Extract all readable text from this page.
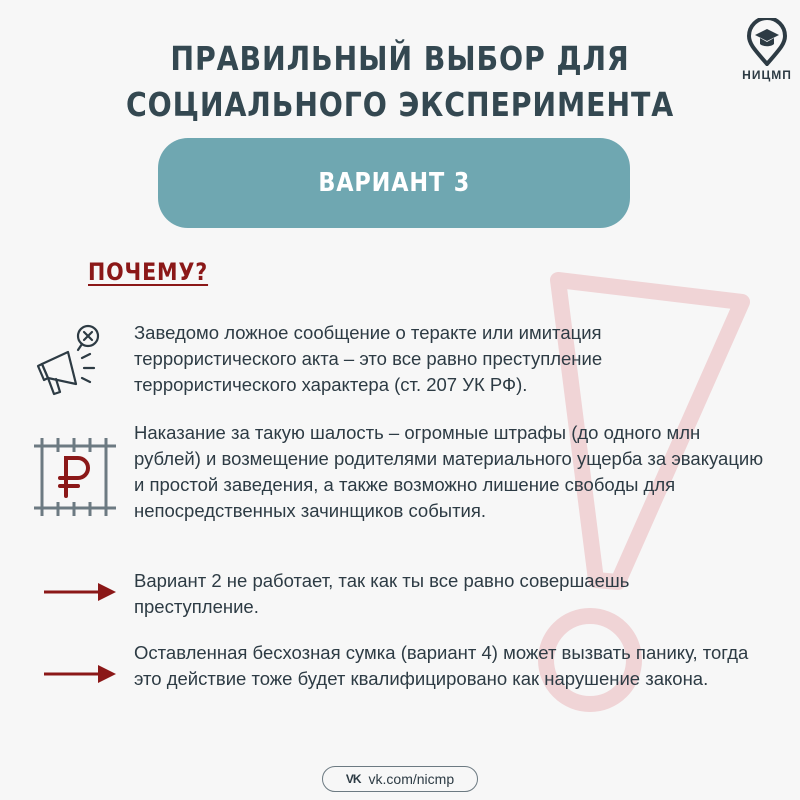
НИЦМП
ПРАВИЛЬНЫЙ ВЫБОР ДЛЯ
СОЦИАЛЬНОГО ЭКСПЕРИМЕНТА
ВАРИАНТ 3
ПОЧЕМУ?
Заведомо ложное сообщение о теракте или имитация террористического акта – это все равно преступление террористического характера (ст. 207 УК РФ).
Наказание за такую шалость – огромные штрафы (до одного млн рублей) и возмещение родителями материального ущерба за эвакуацию и простой заведения, а также возможно лишение свободы для непосредственных зачинщиков события.
Вариант 2 не работает, так как ты все равно совершаешь преступление.
Оставленная бесхозная сумка (вариант 4) может вызвать панику, тогда это действие тоже будет квалифицировано как нарушение закона.
VK vk.com/nicmp
